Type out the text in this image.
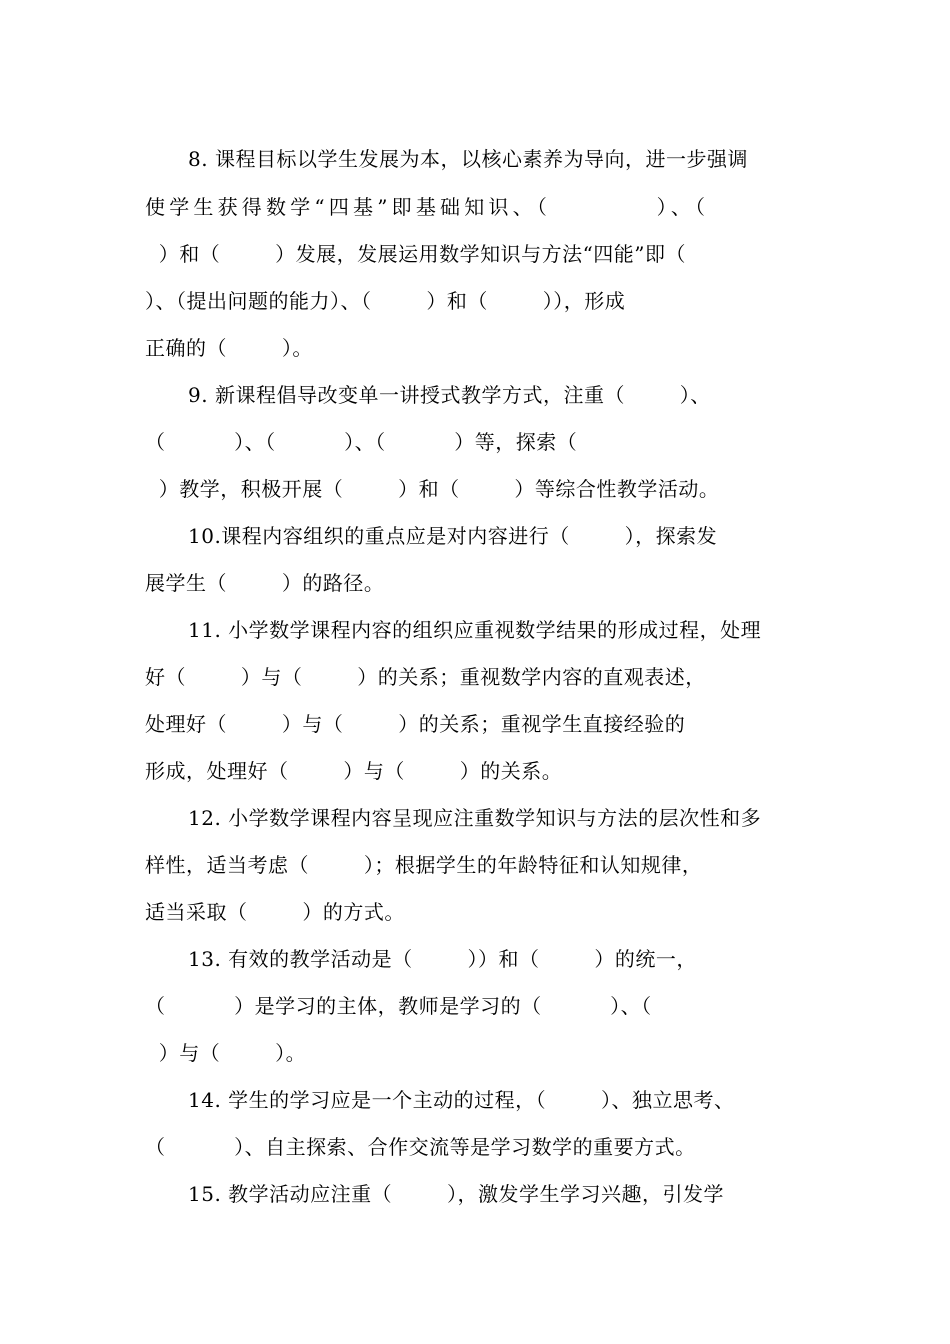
8. 课程目标以学生发展为本，以核心素养为导向，进一步强调
使学生获得数学“四基”即基础知识、（          ）、（
）和（        ）发展，发展运用数学知识与方法“四能”即（
）、（提出问题的能力）、（        ）和（        ）），形成
正确的（        ）。
9. 新课程倡导改变单一讲授式教学方式，注重（        ）、
（          ）、（          ）、（          ）等，探索（
）教学，积极开展（        ）和（        ）等综合性教学活动。
10.课程内容组织的重点应是对内容进行（        ），探索发
展学生（        ）的路径。
11. 小学数学课程内容的组织应重视数学结果的形成过程，处理
好（        ）与（        ）的关系；重视数学内容的直观表述，
处理好（        ）与（        ）的关系；重视学生直接经验的
形成，处理好（        ）与（        ）的关系。
12. 小学数学课程内容呈现应注重数学知识与方法的层次性和多
样性，适当考虑（        ）；根据学生的年龄特征和认知规律，
适当采取（        ）的方式。
13. 有效的教学活动是（        ））和（        ）的统一，
（          ）是学习的主体，教师是学习的（          ）、（
）与（        ）。
14. 学生的学习应是一个主动的过程，（        ）、独立思考、
（          ）、自主探索、合作交流等是学习数学的重要方式。
15. 教学活动应注重（        ），激发学生学习兴趣，引发学
